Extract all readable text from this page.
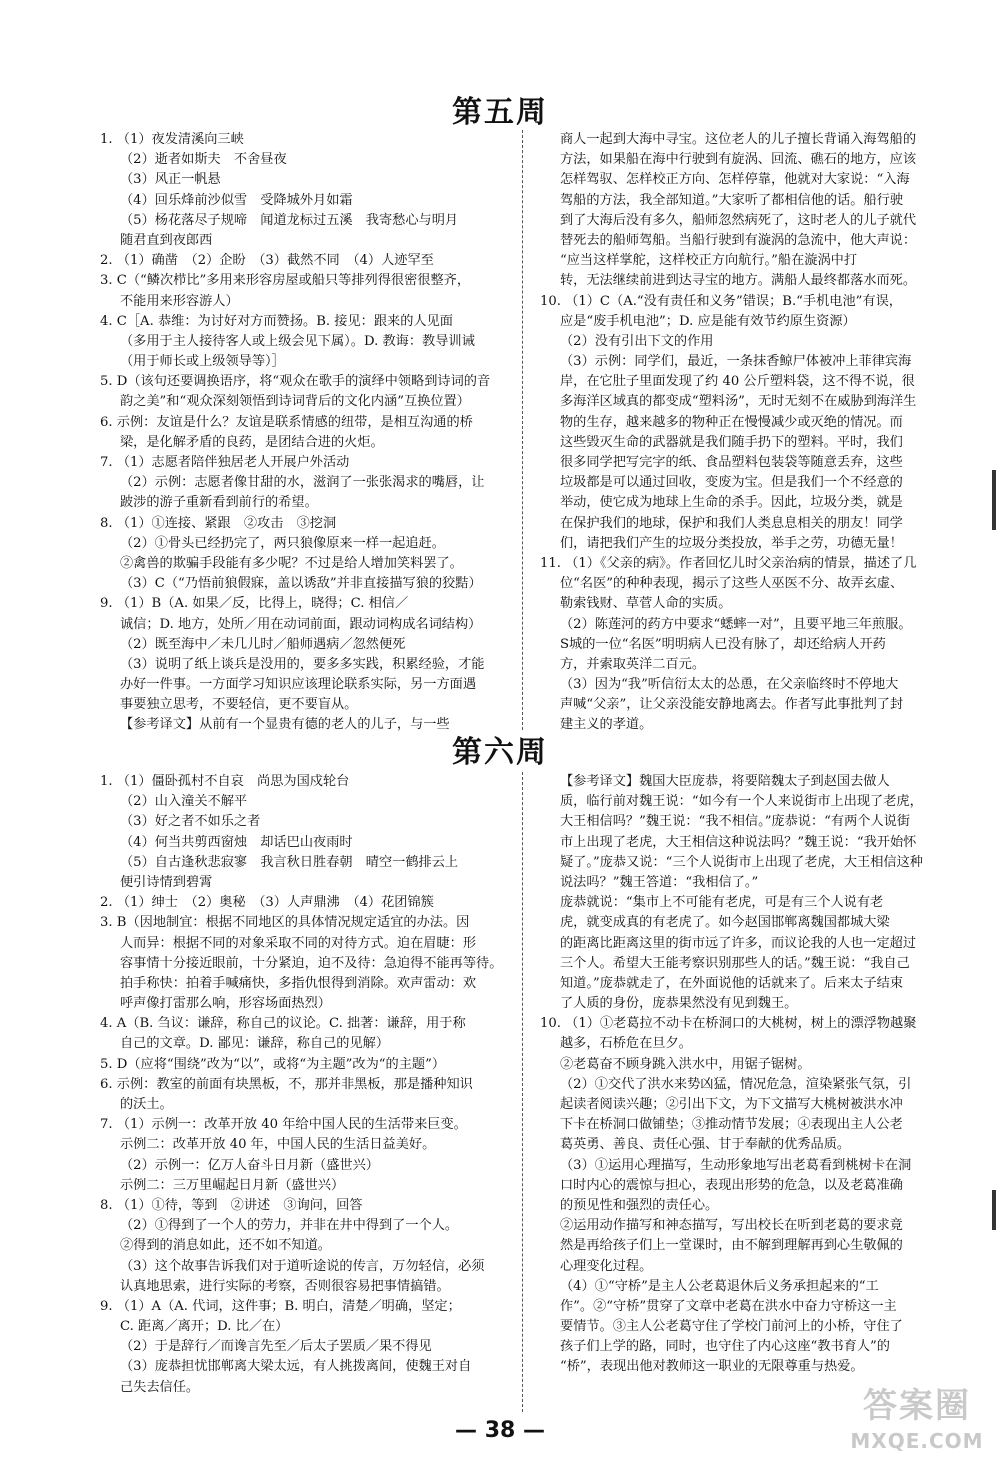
第五周
1. （1）夜发清溪向三峡
（2）逝者如斯夫　不舍昼夜
（3）风正一帆悬
（4）回乐烽前沙似雪　受降城外月如霜
（5）杨花落尽子规啼　闻道龙标过五溪　我寄愁心与明月
随君直到夜郎西
2. （1）确凿　（2）企盼　（3）截然不同　（4）人迹罕至
3. C（“鳞次栉比”多用来形容房屋或船只等排列得很密很整齐，
不能用来形容游人）
4. C［A. 恭维：为讨好对方而赞扬。B. 接见：跟来的人见面
（多用于主人接待客人或上级会见下属）。D. 教诲：教导训诫
（用于师长或上级领导等）］
5. D（该句还要调换语序，将“观众在歌手的演绎中领略到诗词的音
韵之美”和“观众深刻领悟到诗词背后的文化内涵”互换位置）
6. 示例：友谊是什么？友谊是联系情感的纽带，是相互沟通的桥
梁，是化解矛盾的良药，是团结合进的火炬。
7. （1）志愿者陪伴独居老人开展户外活动
（2）示例：志愿者像甘甜的水，滋润了一张张渴求的嘴唇，让
跛涉的游子重新看到前行的希望。
8. （1）①连接、紧跟　②攻击　③挖洞
（2）①骨头已经扔完了，两只狼像原来一样一起追赶。
②禽兽的欺骗手段能有多少呢？不过是给人增加笑料罢了。
（3）C（“乃悟前狼假寐，盖以诱敌”并非直接描写狼的狡黠）
9. （1）B（A. 如果／反，比得上，晓得；C. 相信／
诚信；D. 地方，处所／用在动词前面，跟动词构成名词结构）
（2）既至海中／未几儿时／船师遇病／忽然便死
（3）说明了纸上谈兵是没用的，要多多实践，积累经验，才能
办好一件事。一方面学习知识应该理论联系实际，另一方面遇
事要独立思考，不要轻信，更不要盲从。
【参考译文】从前有一个显贵有德的老人的儿子，与一些
商人一起到大海中寻宝。这位老人的儿子擅长背诵入海驾船的
方法，如果船在海中行驶到有旋涡、回流、礁石的地方，应该
怎样驾驭、怎样校正方向、怎样停靠，他就对大家说：“入海
驾船的方法，我全部知道。”大家听了都相信他的话。船行驶
到了大海后没有多久，船师忽然病死了，这时老人的儿子就代
替死去的船师驾船。当船行驶到有漩涡的急流中，他大声说：
“应当这样掌舵，这样校正方向航行。”船在漩涡中打
转，无法继续前进到达寻宝的地方。满船人最终都落水而死。
10. （1）C（A.“没有责任和义务”错误；B.“手机电池”有误，
应是“废手机电池”；D. 应是能有效节约原生资源）
（2）没有引出下文的作用
（3）示例：同学们，最近，一条抹香鲸尸体被冲上菲律宾海
岸，在它肚子里面发现了约 40 公斤塑料袋，这不得不说，很
多海洋区域真的都变成“塑料汤”，无时无刻不在威胁到海洋生
物的生存，越来越多的物种正在慢慢减少或灭绝的情况。而
这些毁灭生命的武器就是我们随手扔下的塑料。平时，我们
很多同学把写完字的纸、食品塑料包装袋等随意丢弃，这些
垃圾都是可以通过回收，变废为宝。但是我们一个不经意的
举动，使它成为地球上生命的杀手。因此，垃圾分类，就是
在保护我们的地球，保护和我们人类息息相关的朋友！同学
们，请把我们产生的垃圾分类投放，举手之劳，功德无量！
11. （1）《父亲的病》。作者回忆儿时父亲治病的情景，描述了几
位“名医”的种种表现，揭示了这些人巫医不分、故弄玄虚、
勒索钱财、草菅人命的实质。
（2）陈莲河的药方中要求“蟋蟀一对”，且要平地三年煎服。
S城的一位“名医”明明病人已没有脉了，却还给病人开药
方，并索取英洋二百元。
（3）因为“我”听信衍太太的怂恿，在父亲临终时不停地大
声喊“父亲”，让父亲没能安静地离去。作者写此事批判了封
建主义的孝道。
第六周
1. （1）僵卧孤村不自哀　尚思为国戍轮台
（2）山入潼关不解平
（3）好之者不如乐之者
（4）何当共剪西窗烛　却话巴山夜雨时
（5）自古逢秋悲寂寥　我言秋日胜春朝　晴空一鹤排云上
便引诗情到碧霄
2. （1）绅士　（2）奥秘　（3）人声鼎沸　（4）花团锦簇
3. B（因地制宜：根据不同地区的具体情况规定适宜的办法。因
人而异：根据不同的对象采取不同的对待方式。迫在眉睫：形
容事情十分接近眼前，十分紧迫，迫不及待：急迫得不能再等待。
拍手称快：拍着手喊痛快，多指仇恨得到消除。欢声雷动：欢
呼声像打雷那么响，形容场面热烈）
4. A（B. 刍议：谦辞，称自己的议论。C. 拙著：谦辞，用于称
自己的文章。D. 鄙见：谦辞，称自己的见解）
5. D（应将“围绕”改为“以”，或将“为主题”改为“的主题”）
6. 示例：教室的前面有块黑板，不，那并非黑板，那是播种知识
的沃土。
7. （1）示例一：改革开放 40 年给中国人民的生活带来巨变。
示例二：改革开放 40 年，中国人民的生活日益美好。
（2）示例一：亿万人奋斗日月新（盛世兴）
示例二：三万里崛起日月新（盛世兴）
8. （1）①待，等到　②讲述　③询问，回答
（2）①得到了一个人的劳力，并非在井中得到了一个人。
②得到的消息如此，还不如不知道。
（3）这个故事告诉我们对于道听途说的传言，万勿轻信，必须
认真地思索，进行实际的考察，否则很容易把事情搞错。
9. （1）A（A. 代词，这件事；B. 明白，清楚／明确，坚定；
C. 距离／离开；D. 比／在）
（2）于是辞行／而谗言先至／后太子罢质／果不得见
（3）庞恭担忧邯郸离大梁太远，有人挑拨离间，使魏王对自
己失去信任。
【参考译文】魏国大臣庞恭，将要陪魏太子到赵国去做人
质，临行前对魏王说：“如今有一个人来说街市上出现了老虎，
大王相信吗？”魏王说：“我不相信。”庞恭说：“有两个人说街
市上出现了老虎，大王相信这种说法吗？”魏王说：“我开始怀
疑了。”庞恭又说：“三个人说街市上出现了老虎，大王相信这种
说法吗？”魏王答道：“我相信了。”
庞恭就说：“集市上不可能有老虎，可是有三个人说有老
虎，就变成真的有老虎了。如今赵国邯郸离魏国都城大梁
的距离比距离这里的街市远了许多，而议论我的人也一定超过
三个人。希望大王能考察识别那些人的话。”魏王说：“我自己
知道。”庞恭就走了，在外面说他的话就来了。后来太子结束
了人质的身份，庞恭果然没有见到魏王。
10. （1）①老葛拉不动卡在桥洞口的大桃树，树上的漂浮物越聚
越多，石桥危在旦夕。
②老葛奋不顾身跳入洪水中，用锯子锯树。
（2）①交代了洪水来势凶猛，情况危急，渲染紧张气氛，引
起读者阅读兴趣；②引出下文，为下文描写大桃树被洪水冲
下卡在桥洞口做铺垫；③推动情节发展；④表现出主人公老
葛英勇、善良、责任心强、甘于奉献的优秀品质。
（3）①运用心理描写，生动形象地写出老葛看到桃树卡在洞
口时内心的震惊与担心，表现出形势的危急，以及老葛准确
的预见性和强烈的责任心。
②运用动作描写和神态描写，写出校长在听到老葛的要求竟
然是再给孩子们上一堂课时，由不解到理解再到心生敬佩的
心理变化过程。
（4）①“守桥”是主人公老葛退休后义务承担起来的“工
作”。②“守桥”贯穿了文章中老葛在洪水中奋力守桥这一主
要情节。③主人公老葛守住了学校门前河上的小桥，守住了
孩子们上学的路，同时，也守住了内心这座“教书育人”的
“桥”，表现出他对教师这一职业的无限尊重与热爱。
— 38 —
答案圈
MXQE.COM
